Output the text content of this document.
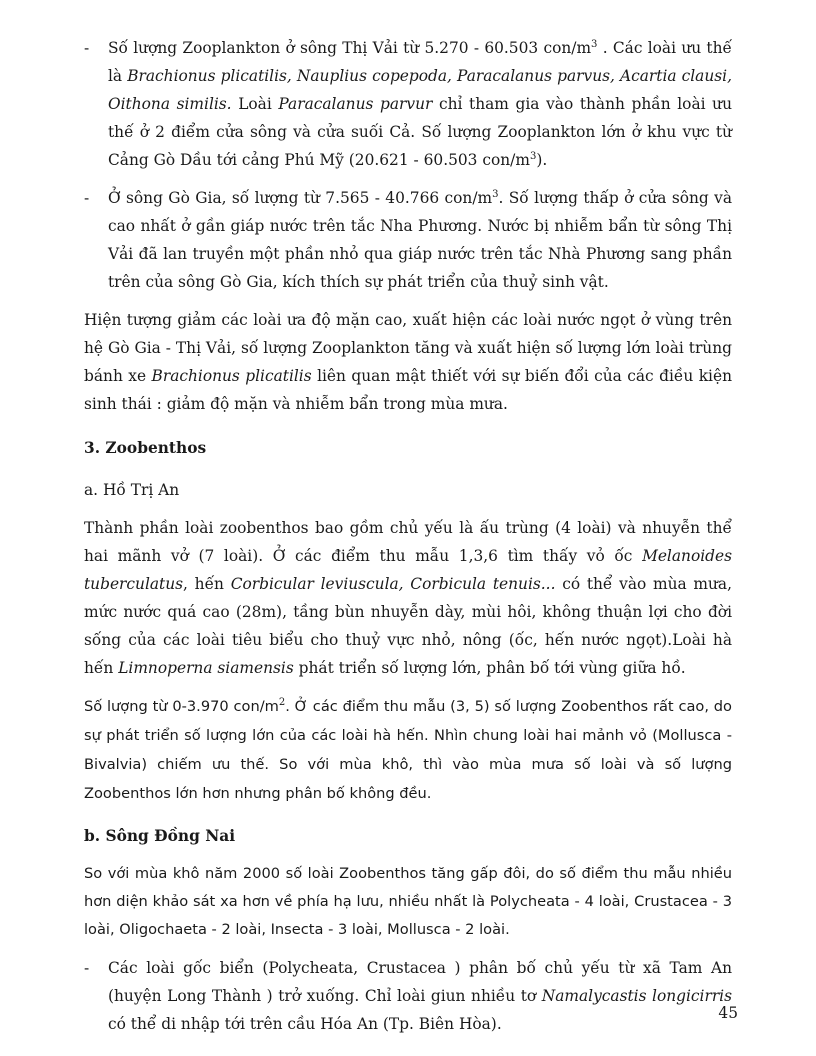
- Số lượng Zooplankton ở sông Thị Vải từ 5.270 - 60.503 con/$m^3$ . Các loài ưu thế là Brachionus plicatilis, Nauplius copepoda, Paracalanus parvus, Acartia clausi, Oithona similis. Loài Paracalanus parvur chỉ tham gia vào thành phần loài ưu thế ở 2 điểm cửa sông và cửa suối Cả. Số lượng Zooplankton lớn ở khu vực từ Cảng Gò Dầu tới cảng Phú Mỹ (20.621 - 60.503 con/$m^3$).

- Ở sông Gò Gia, số lượng từ 7.565 - 40.766 con/$m^3$. Số lượng thấp ở cửa sông và cao nhất ở gần giáp nước trên tắc Nha Phương. Nước bị nhiễm bẩn từ sông Thị Vải đã lan truyền một phần nhỏ qua giáp nước trên tắc Nhà Phương sang phần trên của sông Gò Gia, kích thích sự phát triển của thuỷ sinh vật.

Hiện tượng giảm các loài ưa độ mặn cao, xuất hiện các loài nước ngọt ở vùng trên hệ Gò Gia - Thị Vải, số lượng Zooplankton tăng và xuất hiện số lượng lớn loài trùng bánh xe Brachionus plicatilis liên quan mật thiết với sự biến đổi của các điều kiện sinh thái : giảm độ mặn và nhiễm bẩn trong mùa mưa.

3. Zoobenthos

a. Hồ Trị An

Thành phần loài zoobenthos bao gồm chủ yếu là ấu trùng (4 loài) và nhuyễn thể hai mãnh vở (7 loài). Ở các điểm thu mẫu 1,3,6 tìm thấy vỏ ốc Melanoides tuberculatus, hến Corbicular leviuscula, Corbicula tenuis... có thể vào mùa mưa, mức nước quá cao (28m), tầng bùn nhuyễn dày, mùi hôi, không thuận lợi cho đời sống của các loài tiêu biểu cho thuỷ vực nhỏ, nông (ốc, hến nước ngọt).Loài hà hến Limnoperna siamensis phát triển số lượng lớn, phân bố tới vùng giữa hồ.

Số lượng từ 0-3.970 con/$m^2$. Ở các điểm thu mẫu (3, 5) số lượng Zoobenthos rất cao, do sự phát triển số lượng lớn của các loài hà hến. Nhìn chung loài hai mảnh vỏ (Mollusca - Bivalvia) chiếm ưu thế. So với mùa khô, thì vào mùa mưa số loài và số lượng Zoobenthos lớn hơn nhưng phân bố không đều.

b. Sông Đồng Nai

So với mùa khô năm 2000 số loài Zoobenthos tăng gấp đôi, do số điểm thu mẫu nhiều hơn diện khảo sát xa hơn về phía hạ lưu, nhiều nhất là Polycheata - 4 loài, Crustacea - 3 loài, Oligochaeta - 2 loài, Insecta - 3 loài, Mollusca - 2 loài.

- Các loài gốc biển (Polycheata, Crustacea ) phân bố chủ yếu từ xã Tam An (huyện Long Thành ) trở xuống. Chỉ loài giun nhiều tơ Namalycastis longicirris có thể di nhập tới trên cầu Hóa An (Tp. Biên Hòa).

45
